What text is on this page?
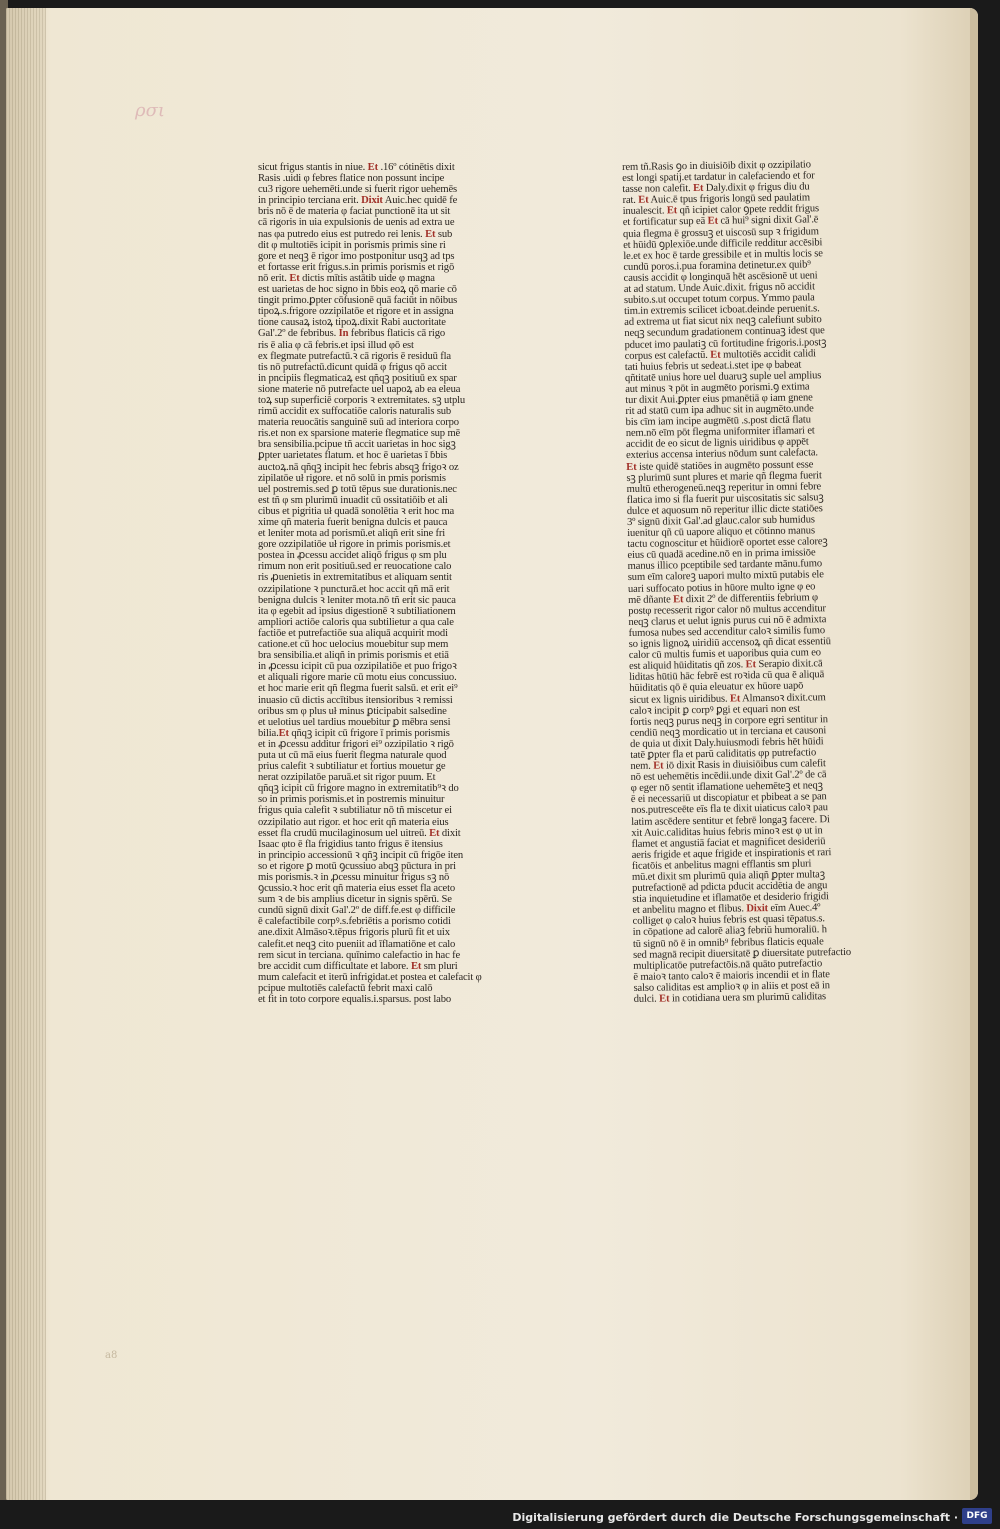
ρσι
a8
sicut frigus stantis in niue. Et .16º cótinētis dixit
Rasis .uidi φ febres flatice non possunt incipe
cu3 rigore uehemēti.unde si fuerit rigor uehemēs
in principio terciana erit. Dixit Auic.hec quidē fe
bris nō ē de materia φ faciat punctionē ita ut sit
cā rigoris in uia expulsionis de uenis ad extra ue
nas φa putredo eius est putredo rei lenis. Et sub
dit φ multotiēs icipit in porismis primis sine ri
gore et neqꝫ ē rigor imo postponitur usqꝫ ad tps
et fortasse erit frigus.s.in primis porismis et rigō
nō erit. Et dictis mītis astātib̄ uide φ magna
est uarietas de hoc signo in ḃbis eoꝝ qō marie cō
tingit primo.ꝑpter cōfusionē quā faciūt in nōibus
tipoꝝ.s.frigore ozzipilatōe et rigore et in assigna
tione causaꝝ istoꝝ tipoꝝ.dixit Rabi auctoritate
Gal'.2º de febribus. In febribus flaticis cā rigo
ris ē alia φ cā febris.et ipsi illud φō est
ex flegmate putrefactū.ꝛ cā rigoris ē residuū fla
tis nō putrefactū.dicunt quidā φ frigus qō accit
in pncipiis flegmaticaꝝ est qñqꝫ positiuū ex spar
sione materie nō putrefacte uel uapoꝝ ab ea eleua
toꝝ sup superficiē corporis ꝛ extremitates. sꝫ utplu
rimū accidit ex suffocatiōe caloris naturalis sub
materia reuocātis sanguinē suū ad interiora corpo
ris.et non ex sparsione materie flegmatice sup mē
bra sensibilia.pcipue tñ accit uarietas in hoc sigꝫ
ꝑpter uarietates flatum. et hoc ē uarietas ī ḃbis
auctoꝝ.nā qñqꝫ incipit hec febris absqꝫ frigoꝛ oz
zipilatōe uł rigore. et nō solū in pmis porismis
uel postremis.sed ꝑ totū tēpus sue durationis.nec
est tñ φ sm plurimū inuadit cū ossitatiōib̄ et ali
cibus et pigritia uł quadā sonolētia ꝛ erit hoc ma
xime qñ materia fuerit benigna dulcis et pauca
et leniter mota ad porismū.et aliqñ erit sine fri
gore ozzipilatiōe uł rigore in primis porismis.et
postea in ꝓcessu accidet aliqō frigus φ sm plu
rimum non erit positiuū.sed er reuocatione calo
ris ꝓuenietis in extremitatibus et aliquam sentit
ozzipilatione ꝛ puncturā.et hoc accit qñ mā erit
benigna dulcis ꝛ leniter mota.nō tñ erit sic pauca
ita φ egebit ad ipsius digestionē ꝛ subtiliationem
ampliori actiōe caloris qua subtilietur a qua cale
factiōe et putrefactiōe sua aliquā acquirit modi
catione.et cū hoc uelocius mouebitur sup mem
bra sensibilia.et aliqñ in primis porismis et etiā
in ꝓcessu icipit cū pua ozzipilatiōe et puo frigoꝛ
et aliquali rigore marie cū motu eius concussiuo.
et hoc marie erit qñ flegma fuerit salsū. et erit ei⁹
inuasio cū dictis accītibus itensioribus ꝛ remissi
oribus sm φ plus uł minus ꝑticipabit salsedine
et uelotius uel tardius mouebitur ꝑ mēbra sensi
bilia.Et qñqꝫ icipit cū frigore ī primis porismis
et in ꝓcessu additur frigori ei⁹ ozzipilatio ꝛ rigō
puta ut cū mā eius fuerit flegma naturale quod
prius calefit ꝛ subtiliatur et fortius mouetur ge
nerat ozzipilatōe paruā.et sit rigor puum. Et
qñqꝫ icipit cū frigore magno in extremitatib⁹ꝛ do
so in primis porismis.et in postremis minuitur
frigus quia calefit ꝛ subtiliatur nō tñ miscetur ei
ozzipilatio aut rigor. et hoc erit qñ materia eius
esset fla crudū mucilaginosum uel uitreū. Et dixit
Isaac φto ē fla frigidius tanto frigus ē itensius
in principio accessionū ꝛ qñꝫ incipit cū frigōe iten
so et rigore ꝑ motū ꝯcussiuo abqꝫ pūctura in pri
mis porismis.ꝛ in ꝓcessu minuitur frigus sꝫ nō
ꝯcussio.ꝛ hoc erit qñ materia eius esset fla aceto
sum ꝛ de bis amplius dicetur in signis spērū. Se
cundū signū dixit Gal'.2º de diff.fe.est φ difficile
ē calefactibile corpꝰ.s.febriētis a porismo cotidi
ane.dixit Almāsoꝛ.tēpus frigoris plurū fit et uix
calefit.et neqꝫ cito pueniit ad īflamatiōne et calo
rem sicut in terciana. quīnimo calefactio in hac fe
bre accidit cum difficultate et labore. Et sm pluri
mum calefacit et iterū infrigidat.et postea et calefacit φ
pcipue multotiēs calefactū febrit maxi calō
et fit in toto corpore equalis.i.sparsus. post labo
rem tñ.Rasis ꝯo in diuisiōib̄ dixit φ ozzipilatio
est longi spatij.et tardatur in calefaciendo et for
tasse non calefit. Et Daly.dixit φ frigus diu du
rat. Et Auic.ē tpus frigoris longū sed paulatim
inualescit. Et qñ icipiet calor ꝯpete reddit frigus
et fortificatur sup eā Et cā hui⁹ signi dixit Gal'.ē
quia flegma ē grossuꝫ et uiscosū sup ꝛ frigidum
et hūidū ꝯplexiōe.unde difficile redditur accēsibi
le.et ex hoc ē tarde gressibile et in multis locis se
cundū poros.i.pua foramina detinetur.ex quib⁹
causis accidit φ longinquā hēt ascēsionē ut ueni
at ad statum. Unde Auic.dixit. frigus nō accidit
subito.s.ut occupet totum corpus. Ymmo paula
tim.in extremis scilicet icboat.deinde peruenit.s.
ad extrema ut fiat sicut nix neqꝫ calefiunt subito
neqꝫ secundum gradationem continuaꝫ idest que
pducet imo paulatiꝫ cū fortitudine frigoris.i.postꝫ
corpus est calefactū. Et multotiēs accidit calidi
tati huius febris ut sedeat.i.stet ipe φ babeat
qñtitatē unius hore uel duaruꝫ suple uel amplius
aut minus ꝛ pōt in augmēto porismi.ꝯ extima
tur dixit Aui.ꝑpter eius pmanētiā φ iam gnene
rit ad statū cum ipa adhuc sit in augmēto.unde
bis cīm iam incipe augmētū .s.post dictā flatu
nem.nō eīm pōt flegma uniformiter iflamari et
accidit de eo sicut de lignis uiridibus φ appēt
exterius accensa interius nōdum sunt calefacta.
Et iste quidē statiōes in augmēto possunt esse
sꝫ plurimū sunt plures et marie qñ flegma fuerit
multū etherogeneū.neqꝫ reperitur in omni febre
flatica imo si fla fuerit pur uiscositatis sic salsuꝫ
dulce et aquosum nō reperitur illic dicte statiōes
3º signū dixit Gal'.ad glauc.calor sub humidus
iuenitur qñ cū uapore aliquo et cōtinno manus
tactu cognoscitur et hūidiorē oportet esse caloreꝫ
eius cū quadā acedine.nō en in prima imissiōe
manus illico pceptibile sed tardante mānu.fumo
sum eīm caloreꝫ uapori multo mixtū putabis ele
uari suffocato potius in hūore multo igne φ eo
mē dñante Et dixit 2º de differentiis febrium φ
postφ recesserit rigor calor nō multus accenditur
neqꝫ clarus et uelut ignis purus cui nō ē admixta
fumosa nubes sed accenditur caloꝛ similis fumo
so ignis lignoꝝ uiridiū accensoꝝ qñ dicat essentiū
calor cū multis fumis et uaporibus quia cum eo
est aliquid hūiditatis qñ zos. Et Serapio dixit.cā
liditas hūtiū hāc febrē est roꝛida cū qua ē aliquā
hūiditatis qō ē quia eleuatur ex hūore uapō
sicut ex lignis uiridibus. Et Almansoꝛ dixit.cum
caloꝛ incipit ꝑ corpꝰ ꝑgi et equari non est
fortis neqꝫ purus neqꝫ in corpore egri sentitur in
cendiū neqꝫ mordicatio ut in terciana et causoni
de quia ut dixit Daly.huiusmodi febris hēt hūidi
tatē ꝑpter fla et parū caliditatis φp putrefactio
nem. Et iō dixit Rasis in diuisiōibus cum calefit
nō est uehemētis incēdii.unde dixit Gal'.2º de cā
φ eger nō sentit iflamatione uehemēteꝫ et neqꝫ
ē ei necessariū ut discopiatur et pbibeat a se pan
nos.putresceēte eīs fla te dixit uiaticus caloꝛ pau
latim ascēdere sentitur et febrē longaꝫ facere. Di
xit Auic.caliditas huius febris minoꝛ est φ ut in
flamet et angustiā faciat et magnificet desideriū
aeris frigide et aque frigide et inspirationis et rari
ficatōis et anbelitus magni efflantis sm pluri
mū.et dixit sm plurimū quia aliqñ ꝑpter multaꝫ
putrefactionē ad pdicta pducit accidētia de angu
stia inquietudine et iflamatōe et desiderio frigidi
et anbelitu magno et flibus. Dixit eīm Auec.4º
colliget φ caloꝛ huius febris est quasi tēpatus.s.
in cōpatione ad calorē aliaꝫ febriū humoraliū. h
tū signū nō ē in omnib⁹ febribus flaticis equale
sed magnā recipit diuersitatē ꝑ diuersitate putrefactio
multiplicatōe putrefactōis.nā quāto putrefactio
ē maioꝛ tanto caloꝛ ē maioris incendii et in flate
salso caliditas est amplioꝛ φ in aliis et post eā in
dulci. Et in cotidiana uera sm plurimū caliditas
Digitalisierung gefördert durch die Deutsche Forschungsgemeinschaft · DFG
